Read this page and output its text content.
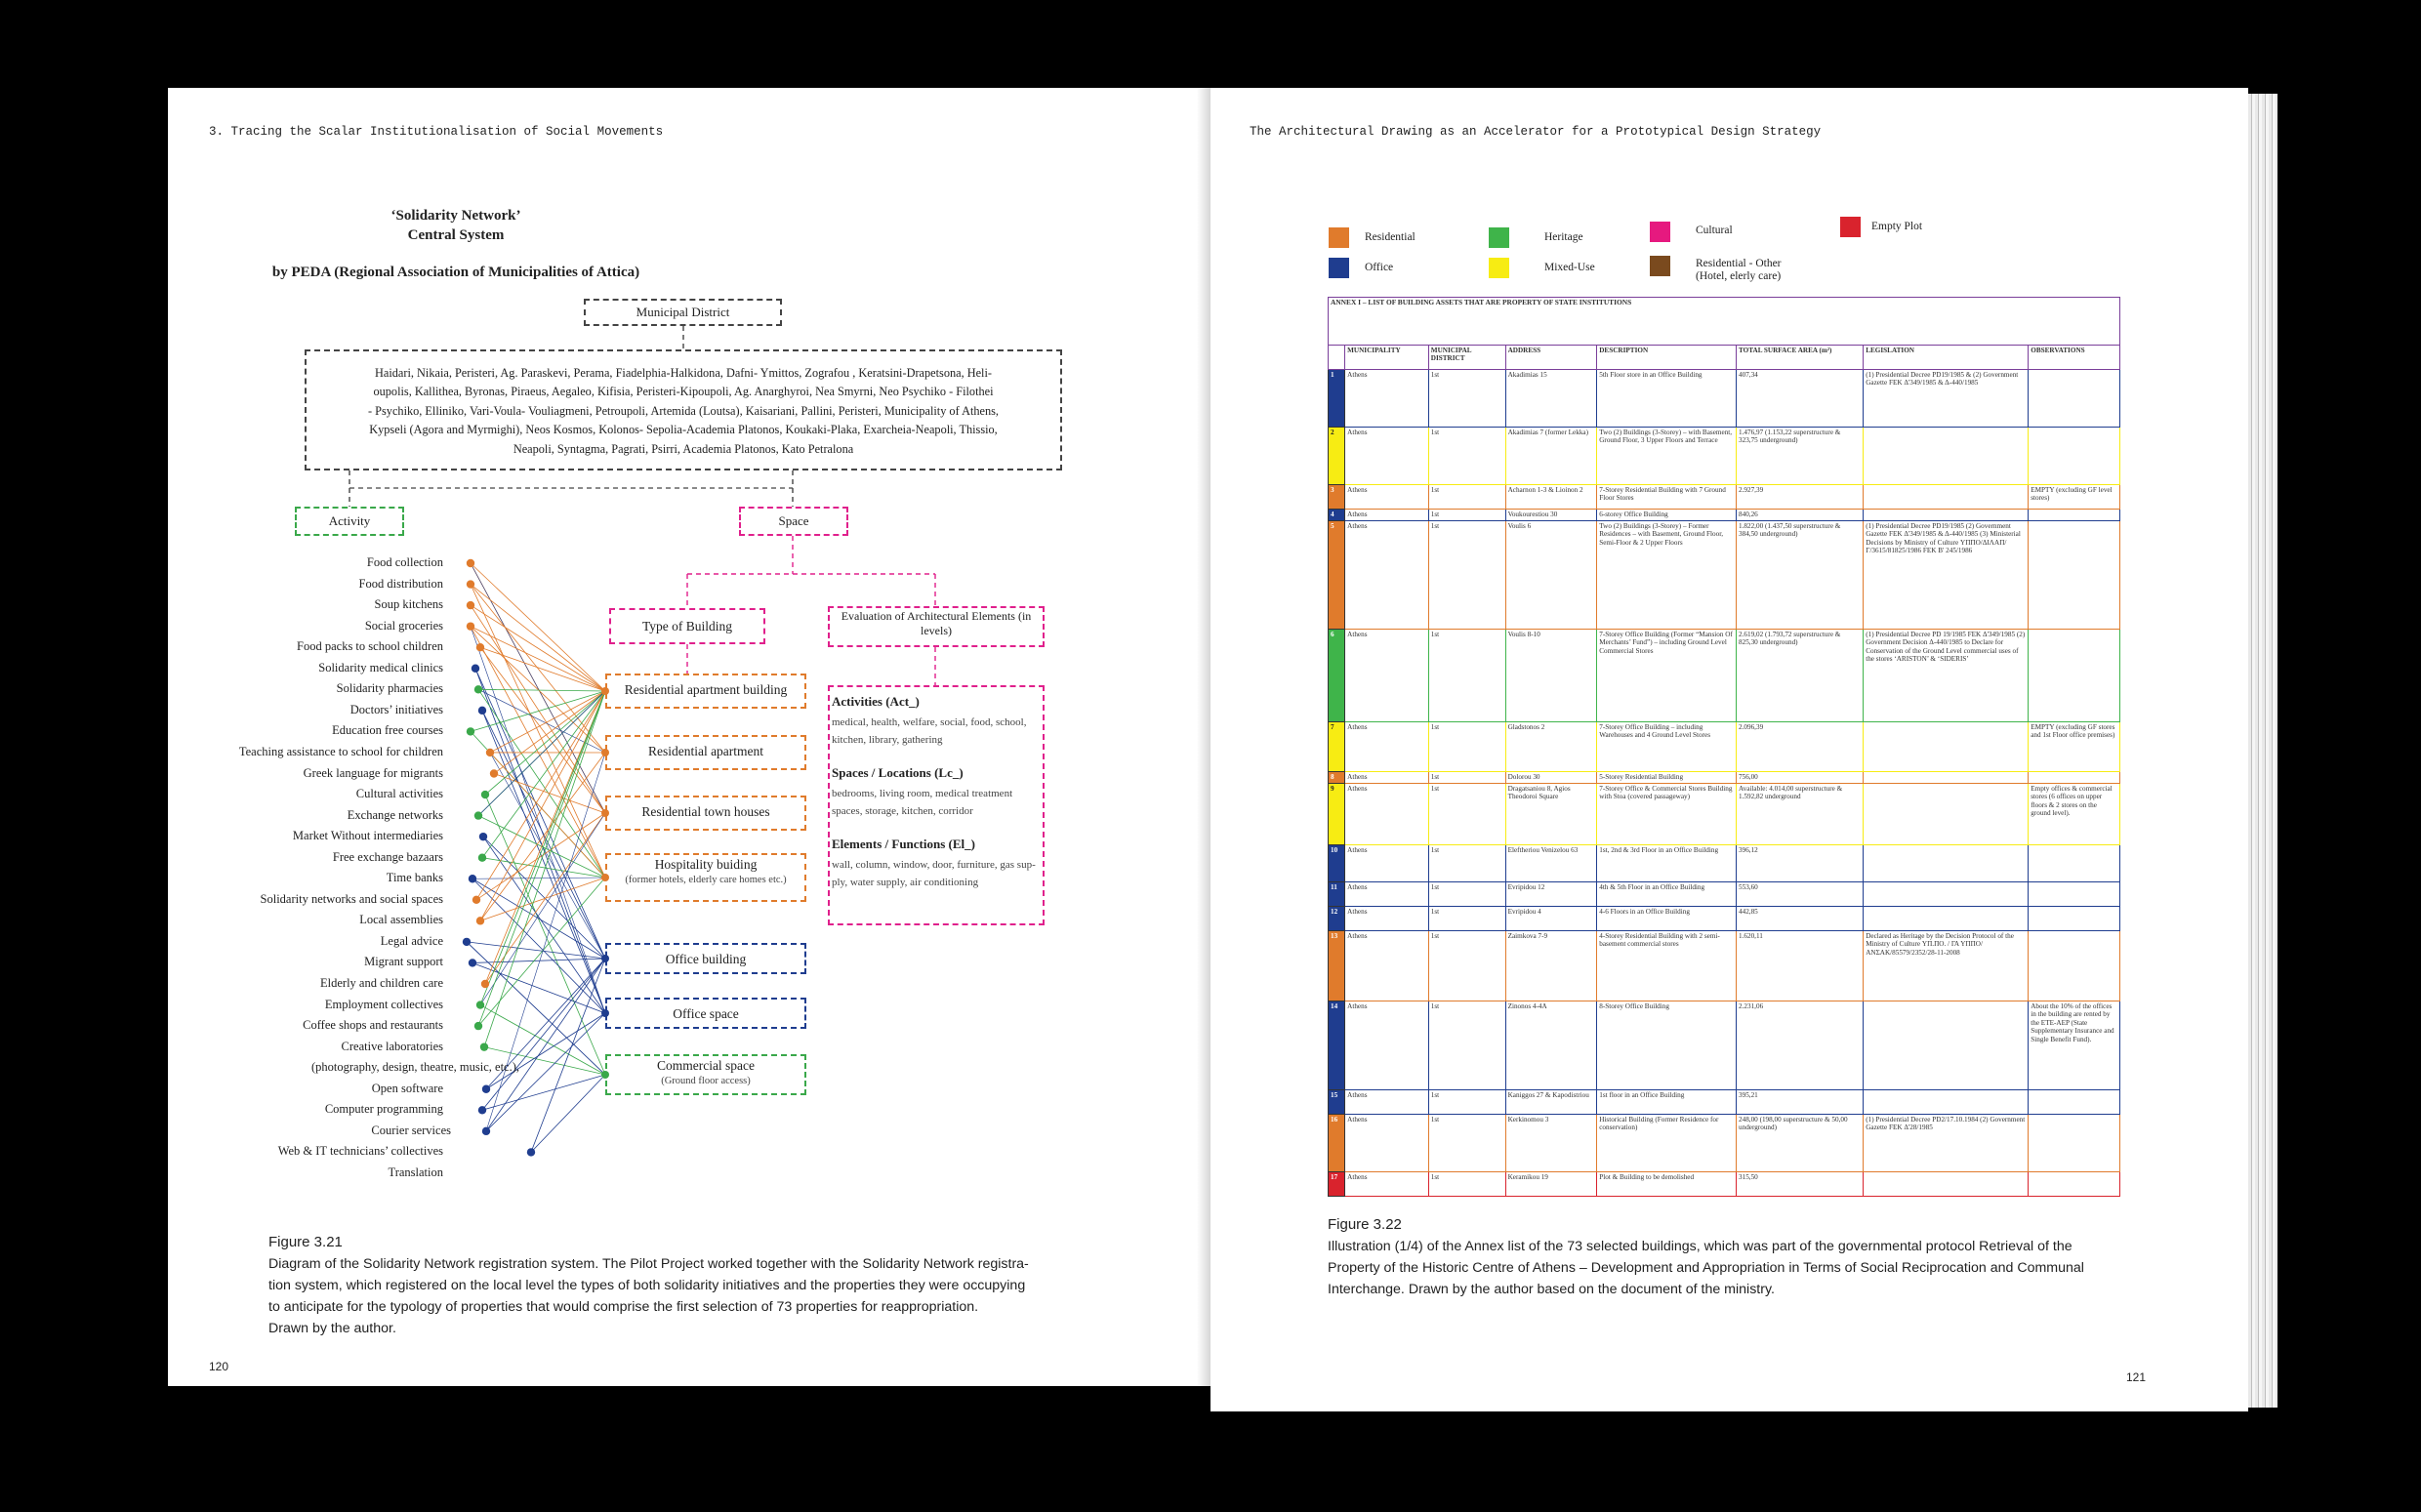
3. Tracing the Scalar Institutionalisation of Social Movements
‘Solidarity Network’
Central System
by PEDA (Regional Association of Municipalities of Attica)
Municipal District
Haidari, Nikaia, Peristeri, Ag. Paraskevi, Perama, Fiadelphia-Halkidona, Dafni- Ymittos, Zografou , Keratsini-Drapetsona, Heli-
oupolis, Kallithea, Byronas, Piraeus, Aegaleo, Kifisia, Peristeri-Kipoupoli, Ag. Anarghyroi, Nea Smyrni, Neo Psychiko - Filothei
- Psychiko, Elliniko, Vari-Voula- Vouliagmeni, Petroupoli, Artemida (Loutsa), Kaisariani, Pallini, Peristeri, Municipality of Athens,
Kypseli (Agora and Myrmighi), Neos Kosmos, Kolonos- Sepolia-Academia Platonos, Koukaki-Plaka, Exarcheia-Neapoli, Thissio,
Neapoli, Syntagma, Pagrati, Psirri, Academia Platonos, Kato Petralona
Activity	Space
Type of Building
Evaluation of Architectural Elements (in levels)
Activities (Act_)
medical, health, welfare, social, food, school, kitchen, library, gathering
Spaces / Locations (Lc_)
bedrooms, living room, medical treatment spaces, storage, kitchen, corridor
Elements / Functions (El_)
wall, column, window, door, furniture, gas sup-ply, water supply, air conditioning
Food collection
Food distribution
Soup kitchens
Social groceries
Food packs to school children
Solidarity medical clinics
Solidarity pharmacies
Doctors’ initiatives
Education free courses
Teaching assistance to school for children
Greek language for migrants
Cultural activities
Exchange networks
Market Without intermediaries
Free exchange bazaars
Time banks
Solidarity networks and social spaces
Local assemblies
Legal advice
Migrant support
Elderly and children care
Employment collectives
Coffee shops and restaurants
Creative laboratories
(photography, design, theatre, music, etc.),
Open software
Computer programming
Courier services
Web & IT technicians’ collectives
Translation
Residential apartment building
Residential apartment
Residential town houses
Hospitality buiding
(former hotels, elderly care homes etc.)
Office building
Office space
Commercial space
(Ground floor access)
Figure 3.21
Diagram of the Solidarity Network registration system. The Pilot Project worked together with the Solidarity Network registra-
tion system, which registered on the local level the types of both solidarity initiatives and the properties they were occupying
to anticipate for the typology of properties that would comprise the first selection of 73 properties for reappropriation.
Drawn by the author.
120
The Architectural Drawing as an Accelerator for a Prototypical Design Strategy
Residential	Heritage
Cultural	Empty Plot
Office	Mixed-Use	Residential - Other (Hotel, elerly care)
ANNEX I – LIST OF BUILDING ASSETS THAT ARE PROPERTY OF STATE INSTITUTIONS							
	MUNICIPALITY	MUNICIPAL DISTRICT	ADDRESS	DESCRIPTION	TOTAL SURFACE AREA (m²)	LEGISLATION	OBSERVATIONS
1	Athens	1st	Akadimias 15	5th Floor store in an Office Building	407,34	(1) Presidential Decree PD19/1985 & (2) Government Gazette FEK Δ'349/1985 & Δ-440/1985	
2	Athens	1st	Akadimias 7 (former Lekka)	Two (2) Buildings (3-Storey) – with Basement, Ground Floor, 3 Upper Floors and Terrace	1.476,97 (1.153,22 superstructure & 323,75 underground)		
3	Athens	1st	Acharnon 1-3 & Lioinon 2	7-Storey Residential Building with 7 Ground Floor Stores	2.927,39		EMPTY (excluding GF level stores)
4	Athens	1st	Voukourestiou 30	6-storey Office Building	840,26		
5	Athens	1st	Voulis 6	Two (2) Buildings (3-Storey) – Former Residences – with Basement, Ground Floor, Semi-Floor & 2 Upper Floors	1.822,00 (1.437,50 superstructure & 384,50 underground)	(1) Presidential Decree PD19/1985 (2) Government Gazette FEK Δ'349/1985 & Δ-440/1985 (3) Ministerial Decisions by Ministry of Culture ΥΠΠΟ/ΔΙΛΑΠ/Γ/3615/81825/1986 FEK Β' 245/1986	
6	Athens	1st	Voulis 8-10	7-Storey Office Building (Former “Mansion Of Merchants’ Fund”) – including Ground Level Commercial Stores	2.619,02 (1.793,72 superstructure & 825,30 underground)	(1) Presidential Decree PD 19/1985 FEK Δ'349/1985 (2) Government Decision Δ-440/1985 to Declare for Conservation of the Ground Level commercial uses of the stores ‘ARISTON’ & ‘SIDERIS’	
7	Athens	1st	Gladstonos 2	7-Storey Office Building – including Warehouses and 4 Ground Level Stores	2.096,39		EMPTY (excluding GF stores and 1st Floor office premises)
8	Athens	1st	Dolorou 30	5-Storey Residential Building	756,00		
9	Athens	1st	Dragatsaniou 8, Agios Theodoroi Square	7-Storey Office & Commercial Stores Building with Stoa (covered passageway)	Available: 4.014,00 superstructure & 1.592,82 underground		Empty offices & commercial stores (6 offices on upper floors & 2 stores on the ground level).
10	Athens	1st	Eleftheriou Venizelou 63	1st, 2nd & 3rd Floor in an Office Building	396,12		
11	Athens	1st	Evripidou 12	4th & 5th Floor in an Office Building	553,60		
12	Athens	1st	Evripidou 4	4-6 Floors in an Office Building	442,85		
13	Athens	1st	Zaimkova 7-9	4-Storey Residential Building with 2 semi-basement commercial stores	1.620,11	Declared as Heritage by the Decision Protocol of the Ministry of Culture ΥΠ.ΠΟ. / ΓΑ ΥΠΠΟ/ ΑΝΣΑΚ/85579/2352/28-11-2008	
14	Athens	1st	Zinonos 4-4A	8-Storey Office Building	2.231,06		About the 10% of the offices in the building are rented by the ETE-AEP (State Supplementary Insurance and Single Benefit Fund).
15	Athens	1st	Kaniggos 27 & Kapodistriou	1st floor in an Office Building	395,21		
16	Athens	1st	Kerkinomou 3	Historical Building (Former Residence for conservation)	248,00 (198,00 superstructure & 50,00 underground)	(1) Presidential Decree PD2/17.10.1984 (2) Government Gazette FEK Δ'28/1985	
17	Athens	1st	Keramikou 19	Plot & Building to be demolished	315,50		
Figure 3.22
Illustration (1/4) of the Annex list of the 73 selected buildings, which was part of the governmental protocol Retrieval of the
Property of the Historic Centre of Athens – Development and Appropriation in Terms of Social Reciprocation and Communal
Interchange. Drawn by the author based on the document of the ministry.
121
